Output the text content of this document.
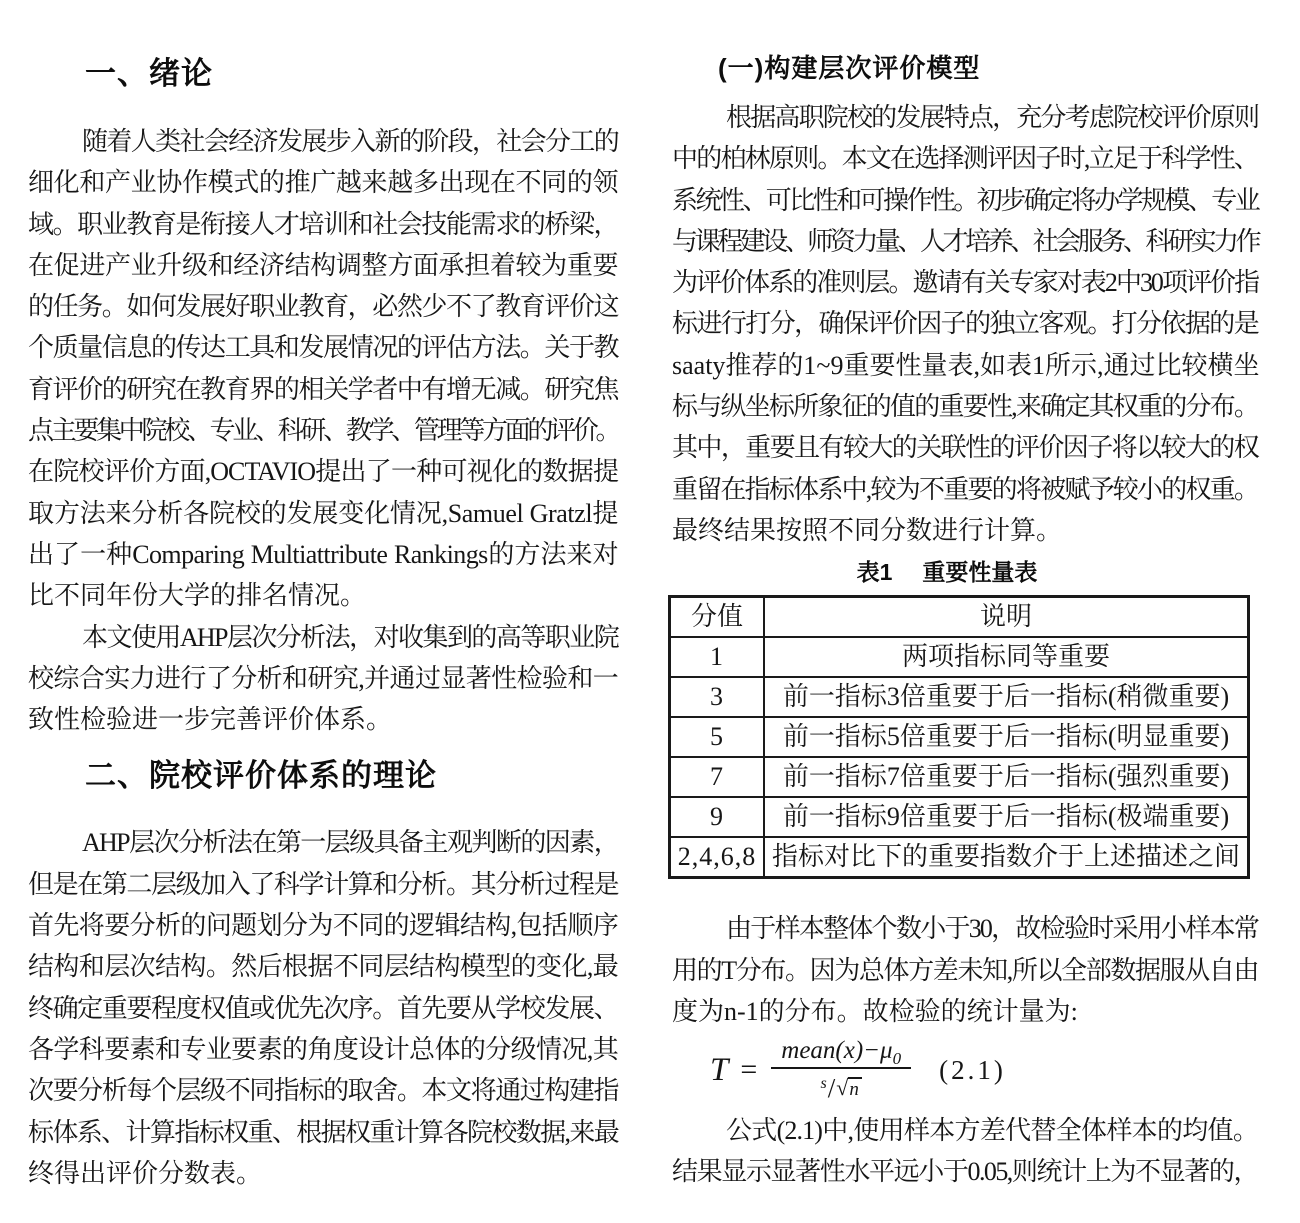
一、绪论
随着人类社会经济发展步入新的阶段，社会分工的
细化和产业协作模式的推广越来越多出现在不同的领
域。职业教育是衔接人才培训和社会技能需求的桥梁，
在促进产业升级和经济结构调整方面承担着较为重要
的任务。如何发展好职业教育，必然少不了教育评价这
个质量信息的传达工具和发展情况的评估方法。关于教
育评价的研究在教育界的相关学者中有增无减。研究焦
点主要集中院校、专业、科研、教学、管理等方面的评价。
在院校评价方面,OCTAVIO提出了一种可视化的数据提
取方法来分析各院校的发展变化情况,Samuel Gratzl提
出了一种Comparing Multiattribute Rankings的方法来对
比不同年份大学的排名情况。
本文使用AHP层次分析法，对收集到的高等职业院
校综合实力进行了分析和研究,并通过显著性检验和一
致性检验进一步完善评价体系。
二、院校评价体系的理论
AHP层次分析法在第一层级具备主观判断的因素，
但是在第二层级加入了科学计算和分析。其分析过程是
首先将要分析的问题划分为不同的逻辑结构,包括顺序
结构和层次结构。然后根据不同层结构模型的变化,最
终确定重要程度权值或优先次序。首先要从学校发展、
各学科要素和专业要素的角度设计总体的分级情况,其
次要分析每个层级不同指标的取舍。本文将通过构建指
标体系、计算指标权重、根据权重计算各院校数据,来最
终得出评价分数表。
(一)构建层次评价模型
根据高职院校的发展特点，充分考虑院校评价原则
中的柏林原则。本文在选择测评因子时,立足于科学性、
系统性、可比性和可操作性。初步确定将办学规模、专业
与课程建设、师资力量、人才培养、社会服务、科研实力作
为评价体系的准则层。邀请有关专家对表2中30项评价指
标进行打分，确保评价因子的独立客观。打分依据的是
saaty推荐的1~9重要性量表,如表1所示,通过比较横坐
标与纵坐标所象征的值的重要性,来确定其权重的分布。
其中，重要且有较大的关联性的评价因子将以较大的权
重留在指标体系中,较为不重要的将被赋予较小的权重。
最终结果按照不同分数进行计算。
表1 重要性量表
分值	说明
1	两项指标同等重要
3	前一指标3倍重要于后一指标(稍微重要)
5	前一指标5倍重要于后一指标(明显重要)
7	前一指标7倍重要于后一指标(强烈重要)
9	前一指标9倍重要于后一指标(极端重要)
2,4,6,8	指标对比下的重要指数介于上述描述之间
由于样本整体个数小于30，故检验时采用小样本常
用的T分布。因为总体方差未知,所以全部数据服从自由
度为n-1的分布。故检验的统计量为:
$T = \frac{mean(x)-\mu_0}{^s/√n} (2.1)$
公式(2.1)中,使用样本方差代替全体样本的均值。
结果显示显著性水平远小于0.05,则统计上为不显著的，
